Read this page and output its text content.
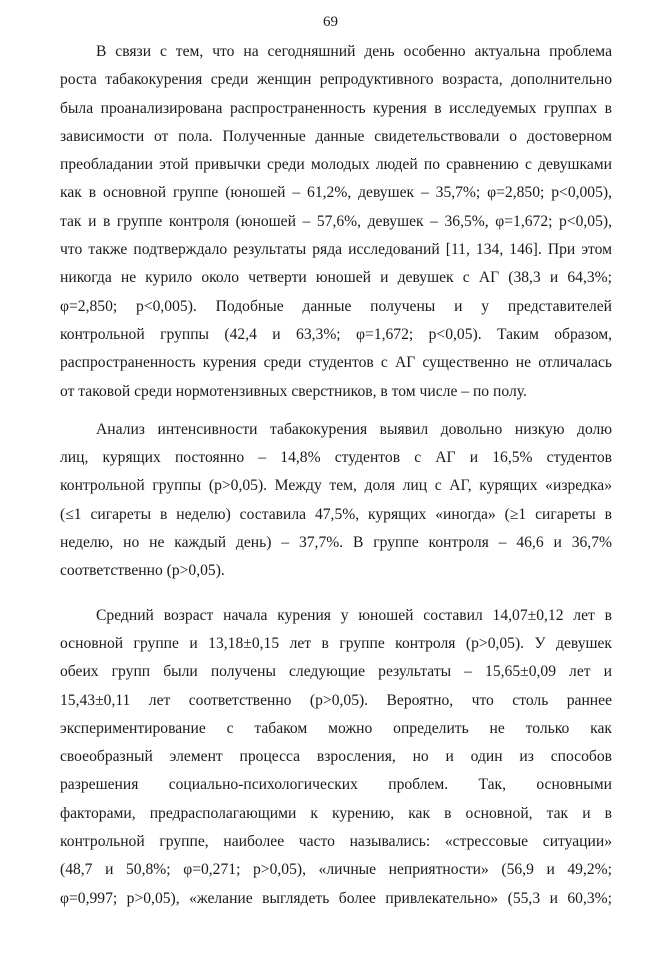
69

В связи с тем, что на сегодняшний день особенно актуальна проблема
роста табакокурения среди женщин репродуктивного возраста, дополнительно
была проанализирована распространенность курения в исследуемых группах в
зависимости от пола. Полученные данные свидетельствовали о достоверном
преобладании этой привычки среди молодых людей по сравнению с девушками
как в основной группе (юношей – 61,2%, девушек – 35,7%; φ=2,850; р<0,005),
так и в группе контроля (юношей – 57,6%, девушек – 36,5%, φ=1,672; р<0,05),
что также подтверждало результаты ряда исследований [11, 134, 146]. При этом
никогда не курило около четверти юношей и девушек с АГ (38,3 и 64,3%;
φ=2,850; р<0,005). Подобные данные получены и у представителей
контрольной группы (42,4 и 63,3%; φ=1,672; р<0,05). Таким образом,
распространенность курения среди студентов с АГ существенно не отличалась
от таковой среди нормотензивных сверстников, в том числе – по полу.

Анализ интенсивности табакокурения выявил довольно низкую долю
лиц, курящих постоянно – 14,8% студентов с АГ и 16,5% студентов
контрольной группы (р>0,05). Между тем, доля лиц с АГ, курящих «изредка»
(≤1 сигареты в неделю) составила 47,5%, курящих «иногда» (≥1 сигареты в
неделю, но не каждый день) – 37,7%. В группе контроля – 46,6 и 36,7%
соответственно (р>0,05).

Средний возраст начала курения у юношей составил 14,07±0,12 лет в
основной группе и 13,18±0,15 лет в группе контроля (р>0,05). У девушек
обеих групп были получены следующие результаты – 15,65±0,09 лет и
15,43±0,11 лет соответственно (р>0,05). Вероятно, что столь раннее
экспериментирование с табаком можно определить не только как
своеобразный элемент процесса взросления, но и один из способов
разрешения социально-психологических проблем. Так, основными
факторами, предрасполагающими к курению, как в основной, так и в
контрольной группе, наиболее часто назывались: «стрессовые ситуации»
(48,7 и 50,8%; φ=0,271; р>0,05), «личные неприятности» (56,9 и 49,2%;
φ=0,997; р>0,05), «желание выглядеть более привлекательно» (55,3 и 60,3%;
